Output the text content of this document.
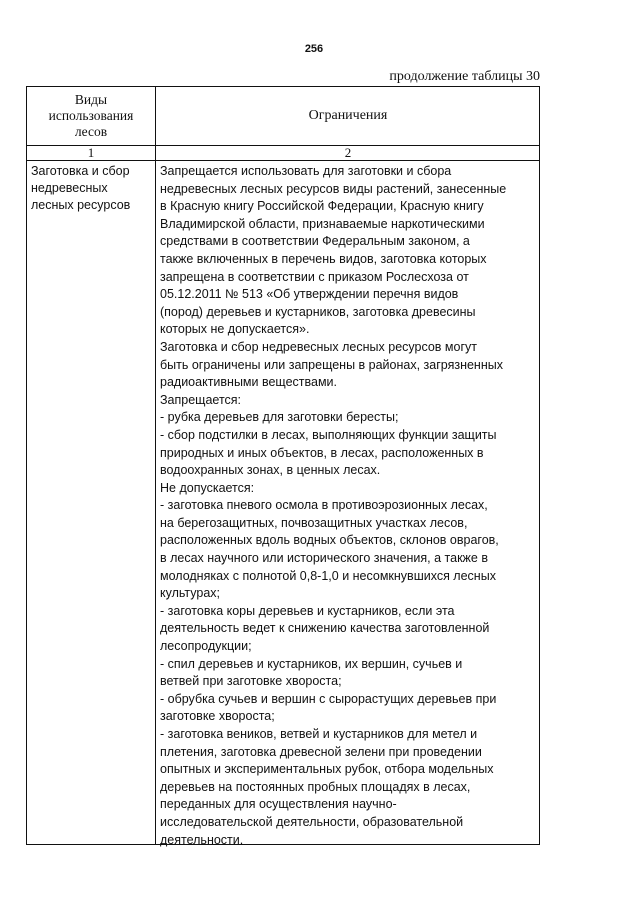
256
продолжение таблицы 30
Виды
использования
лесов
Ограничения
1	2
Заготовка и сбор
недревесных
лесных ресурсов
Запрещается использовать для заготовки и сбора
недревесных лесных ресурсов виды растений, занесенные
в Красную книгу Российской Федерации, Красную книгу
Владимирской области, признаваемые наркотическими
средствами в соответствии Федеральным законом, а
также включенных в перечень видов, заготовка которых
запрещена в соответствии с приказом Рослесхоза от
05.12.2011 № 513 «Об утверждении перечня видов
(пород) деревьев и кустарников, заготовка древесины
которых не допускается».
Заготовка и сбор недревесных лесных ресурсов могут
быть ограничены или запрещены в районах, загрязненных
радиоактивными веществами.
Запрещается:
- рубка деревьев для заготовки бересты;
- сбор подстилки в лесах, выполняющих функции защиты
природных и иных объектов, в лесах, расположенных в
водоохранных зонах, в ценных лесах.
Не допускается:
- заготовка пневого осмола в противоэрозионных лесах,
на берегозащитных, почвозащитных участках лесов,
расположенных вдоль водных объектов, склонов оврагов,
в лесах научного или исторического значения, а также в
молодняках с полнотой 0,8-1,0 и несомкнувшихся лесных
культурах;
- заготовка коры деревьев и кустарников, если эта
деятельность ведет к снижению качества заготовленной
лесопродукции;
- спил деревьев и кустарников, их вершин, сучьев и
ветвей при заготовке хвороста;
- обрубка сучьев и вершин с сырорастущих деревьев при
заготовке хвороста;
- заготовка веников, ветвей и кустарников для метел и
плетения, заготовка древесной зелени при проведении
опытных и экспериментальных рубок, отбора модельных
деревьев на постоянных пробных площадях в лесах,
переданных для осуществления научно-
исследовательской деятельности, образовательной
деятельности.
